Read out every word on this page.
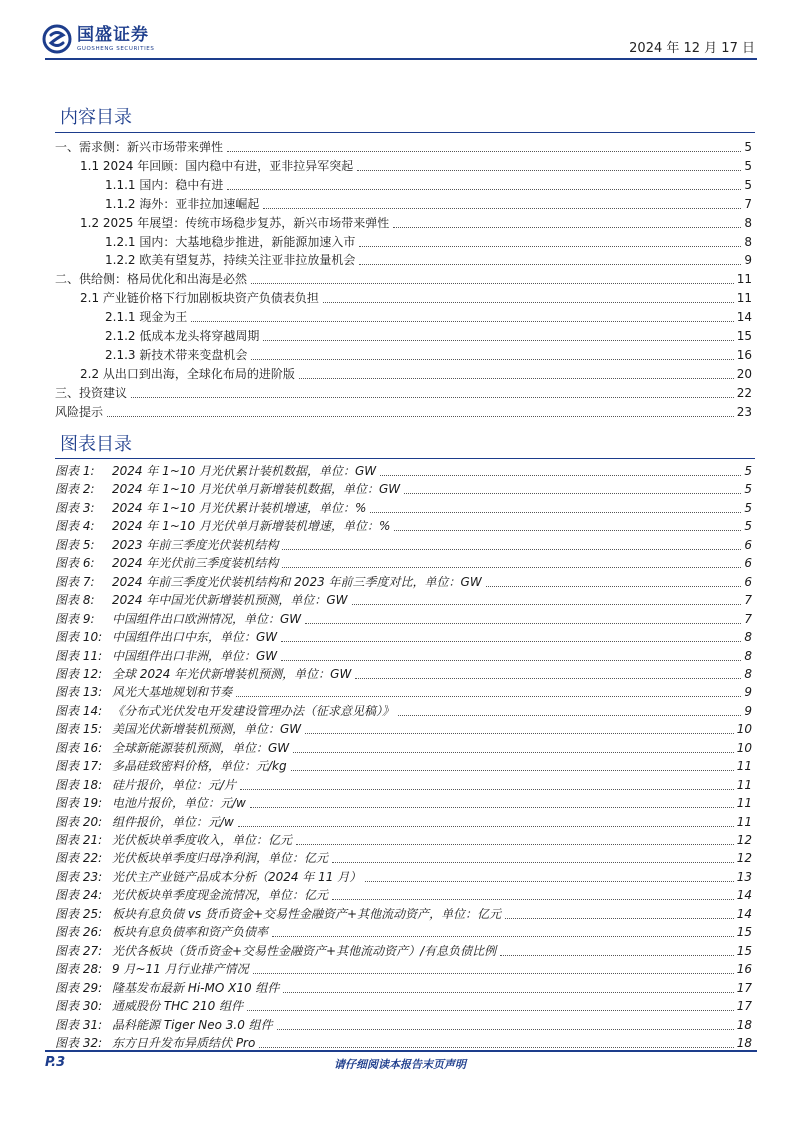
国盛证券
GUOSHENG SECURITIES	2024 年 12 月 17 日
内容目录
一、需求侧：新兴市场带来弹性	5
1.1 2024 年回顾：国内稳中有进，亚非拉异军突起	5
1.1.1 国内：稳中有进	5
1.1.2 海外：亚非拉加速崛起	7
1.2 2025 年展望：传统市场稳步复苏，新兴市场带来弹性	8
1.2.1 国内：大基地稳步推进，新能源加速入市	8
1.2.2 欧美有望复苏，持续关注亚非拉放量机会	9
二、供给侧：格局优化和出海是必然	11
2.1 产业链价格下行加剧板块资产负债表负担	11
2.1.1 现金为王	14
2.1.2 低成本龙头将穿越周期	15
2.1.3 新技术带来变盘机会	16
2.2 从出口到出海，全球化布局的进阶版	20
三、投资建议	22
风险提示	23
图表目录
图表 1:	2024 年 1~10 月光伏累计装机数据，单位：GW	5
图表 2:	2024 年 1~10 月光伏单月新增装机数据，单位：GW	5
图表 3:	2024 年 1~10 月光伏累计装机增速，单位：%	5
图表 4:	2024 年 1~10 月光伏单月新增装机增速，单位：%	5
图表 5:	2023 年前三季度光伏装机结构	6
图表 6:	2024 年光伏前三季度装机结构	6
图表 7:	2024 年前三季度光伏装机结构和 2023 年前三季度对比，单位：GW	6
图表 8:	2024 年中国光伏新增装机预测，单位：GW	7
图表 9:	中国组件出口欧洲情况，单位：GW	7
图表 10: 中国组件出口中东，单位：GW	8
图表 11: 中国组件出口非洲，单位：GW	8
图表 12: 全球 2024 年光伏新增装机预测，单位：GW	8
图表 13: 风光大基地规划和节奏	9
图表 14: 《分布式光伏发电开发建设管理办法（征求意见稿）》	9
图表 15: 美国光伏新增装机预测，单位：GW	10
图表 16: 全球新能源装机预测，单位：GW	10
图表 17: 多晶硅致密料价格，单位：元/kg	11
图表 18: 硅片报价，单位：元/片	11
图表 19: 电池片报价，单位：元/w	11
图表 20: 组件报价，单位：元/w	11
图表 21: 光伏板块单季度收入，单位：亿元	12
图表 22: 光伏板块单季度归母净利润，单位：亿元	12
图表 23: 光伏主产业链产品成本分析（2024 年 11 月）	13
图表 24: 光伏板块单季度现金流情况，单位：亿元	14
图表 25: 板块有息负债 vs 货币资金+交易性金融资产+其他流动资产，单位：亿元	14
图表 26: 板块有息负债率和资产负债率	15
图表 27: 光伏各板块（货币资金+交易性金融资产+其他流动资产）/有息负债比例	15
图表 28: 9 月~11 月行业排产情况	16
图表 29: 隆基发布最新 Hi-MO X10 组件	17
图表 30: 通威股份 THC 210 组件	17
图表 31: 晶科能源 Tiger Neo 3.0 组件	18
图表 32: 东方日升发布异质结伏 Pro	18
P.3	请仔细阅读本报告末页声明
